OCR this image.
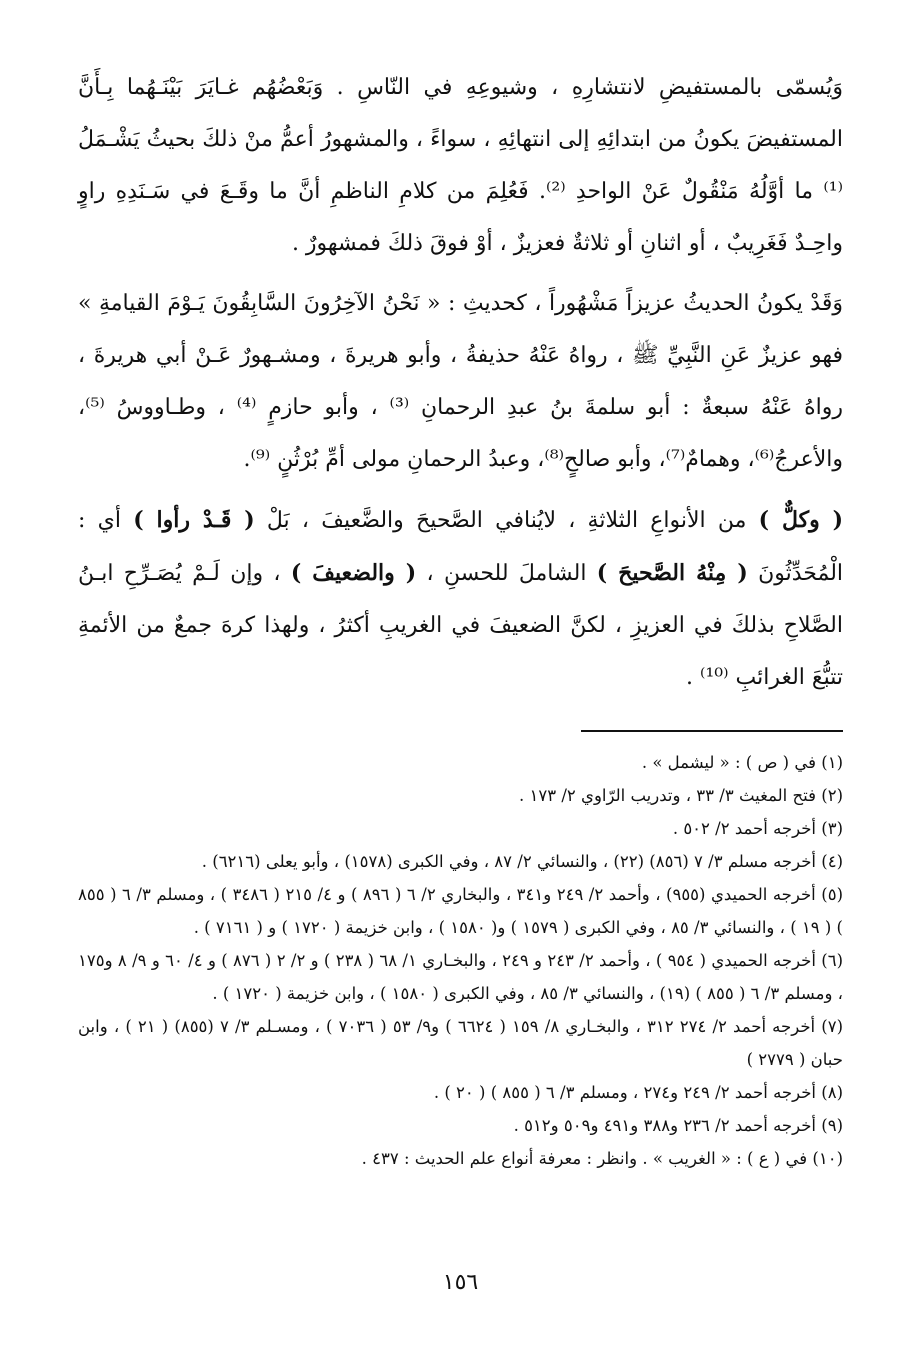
وَيُسمّى بالمستفيضِ لانتشارِهِ ، وشيوعِهِ في النّاسِ . وَبَعْضُهُم غـايَرَ بَيْنَـهُما بِـأَنَّ المستفيضَ يكونُ من ابتدائِهِ إلى انتهائِهِ ، سواءً ، والمشهورُ أعمُّ منْ ذلكَ بحيثُ يَشْـمَلُ ⁽¹⁾ ما أوَّلُهُ مَنْقُولٌ عَنْ الواحدِ ⁽²⁾. فَعُلِمَ من كلامِ الناظمِ أنَّ ما وقَـعَ في سَـنَدِهِ راوٍ واحِـدٌ فَغَرِيبٌ ، أو اثنانِ أو ثلاثةٌ فعزيزٌ ، أوْ فوقَ ذلكَ فمشهورٌ .

وَقَدْ يكونُ الحديثُ عزيزاً مَشْهُوراً ، كحديثِ : « نَحْنُ الآخِرُونَ السَّابِقُونَ يَـوْمَ القيامةِ » فهو عزيزٌ عَنِ النَّبِيِّ ﷺ ، رواهُ عَنْهُ حذيفةُ ، وأبو هريرةَ ، ومشـهورٌ عَـنْ أبي هريرةَ ، رواهُ عَنْهُ سبعةٌ : أبو سلمةَ بنُ عبدِ الرحمانِ ⁽³⁾ ، وأبو حازمٍ ⁽⁴⁾ ، وطـاووسُ ⁽⁵⁾، والأعرجُ⁽⁶⁾، وهمامٌ⁽⁷⁾، وأبو صالحٍ⁽⁸⁾، وعبدُ الرحمانِ مولى أمِّ بُرْثُنٍ ⁽⁹⁾.

( وكلٌّ ) من الأنواعِ الثلاثةِ ، لايُنافي الصَّحيحَ والضَّعيفَ ، بَلْ ( قَـدْ رأوا ) أي : الْمُحَدِّثُونَ ( مِنْهُ الصَّحيحَ ) الشاملَ للحسنِ ، ( والضعيفَ ) ، وإن لَـمْ يُصَـرِّحِ ابـنُ الصَّلاحِ بذلكَ في العزيزِ ، لكنَّ الضعيفَ في الغريبِ أكثرُ ، ولهذا كرهَ جمعٌ من الأئمةِ تتبُّعَ الغرائبِ ⁽¹⁰⁾ .

(١) في ( ص ) : « ليشمل » .

(٢) فتح المغيث ٣/ ٣٣ ، وتدريب الرّاوي ٢/ ١٧٣ .

(٣) أخرجه أحمد ٢/ ٥٠٢ .

(٤) أخرجه مسلم ٣/ ٧ (٨٥٦) (٢٢) ، والنسائي ٢/ ٨٧ ، وفي الكبرى (١٥٧٨) ، وأبو يعلى (٦٢١٦) .

(٥) أخرجه الحميدي (٩٥٥) ، وأحمد ٢/ ٢٤٩ و٣٤١ ، والبخاري ٢/ ٦ ( ٨٩٦ ) و ٤/ ٢١٥ ( ٣٤٨٦ ) ، ومسلم ٣/ ٦ ( ٨٥٥ ) ( ١٩ ) ، والنسائي ٣/ ٨٥ ، وفي الكبرى ( ١٥٧٩ ) و( ١٥٨٠ ) ، وابن خزيمة ( ١٧٢٠ ) و ( ٧١٦١ ) .

(٦) أخرجه الحميدي ( ٩٥٤ ) ، وأحمد ٢/ ٢٤٣ و ٢٤٩ ، والبخـاري ١/ ٦٨ ( ٢٣٨ ) و ٢/ ٢ ( ٨٧٦ ) و ٤/ ٦٠ و ٩/ ٨ و١٧٥ ، ومسلم ٣/ ٦ ( ٨٥٥ ) (١٩) ، والنسائي ٣/ ٨٥ ، وفي الكبرى ( ١٥٨٠ ) ، وابن خزيمة ( ١٧٢٠ ) .

(٧) أخرجه أحمد ٢/ ٢٧٤ ٣١٢ ، والبخـاري ٨/ ١٥٩ ( ٦٦٢٤ ) و٩/ ٥٣ ( ٧٠٣٦ ) ، ومسـلم ٣/ ٧ (٨٥٥) ( ٢١ ) ، وابن حبان ( ٢٧٧٩ )

(٨) أخرجه أحمد ٢/ ٢٤٩ و٢٧٤ ، ومسلم ٣/ ٦ ( ٨٥٥ ) ( ٢٠ ) .

(٩) أخرجه أحمد ٢/ ٢٣٦ و٣٨٨ و٤٩١ و٥٠٩ و٥١٢ .

(١٠) في ( ع ) : « الغريب » . وانظر : معرفة أنواع علم الحديث : ٤٣٧ .

١٥٦
